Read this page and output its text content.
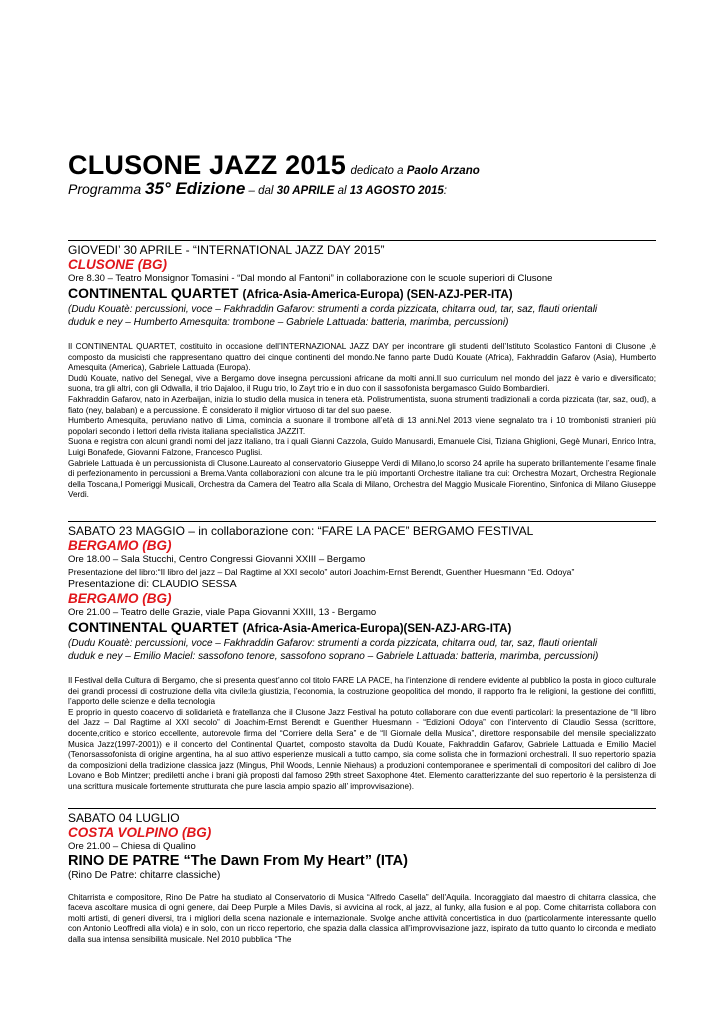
CLUSONE JAZZ 2015 dedicato a Paolo Arzano
Programma 35° Edizione – dal 30 APRILE al 13 AGOSTO 2015:
GIOVEDI’ 30 APRILE - “INTERNATIONAL JAZZ DAY 2015”
CLUSONE (BG)
Ore 8.30 – Teatro Monsignor Tomasini - “Dal mondo al Fantoni” in collaborazione con le scuole superiori di Clusone
CONTINENTAL QUARTET (Africa-Asia-America-Europa) (SEN-AZJ-PER-ITA)
(Dudu Kouatè: percussioni, voce – Fakhraddin Gafarov: strumenti a corda pizzicata, chitarra oud, tar, saz, flauti orientali
duduk e ney – Humberto Amesquita: trombone – Gabriele Lattuada: batteria, marimba, percussioni)

Il CONTINENTAL QUARTET, costituito in occasione dell’INTERNAZIONAL JAZZ DAY per incontrare gli studenti dell’Istituto Scolastico Fantoni di Clusone ,è composto da musicisti che rappresentano quattro dei cinque continenti del mondo.Ne fanno parte Dudù Kouate (Africa), Fakhraddin Gafarov (Asia), Humberto Amesquita (America), Gabriele Lattuada (Europa).

Dudù Kouate, nativo del Senegal, vive a Bergamo dove insegna percussioni africane da molti anni.Il suo curriculum nel mondo del jazz è vario e diversificato; suona, tra gli altri, con gli Odwalla, il trio Dajaloo, il Rugu trio, lo Zayt trio e in duo con il sassofonista bergamasco Guido Bombardieri.

Fakhraddin Gafarov, nato in Azerbaijan, inizia lo studio della musica in tenera età. Polistrumentista, suona strumenti tradizionali a corda pizzicata (tar, saz, oud), a fiato (ney, balaban) e a percussione. È considerato il miglior virtuoso di tar del suo paese.

Humberto Amesquita, peruviano nativo di Lima, comincia a suonare il trombone all’età di 13 anni.Nel 2013 viene segnalato tra i 10 trombonisti stranieri più popolari secondo i lettori della rivista italiana specialistica JAZZIT.

Suona e registra con alcuni grandi nomi del jazz italiano, tra i quali Gianni Cazzola, Guido Manusardi, Emanuele Cisi, Tiziana Ghiglioni, Gegè Munari, Enrico Intra, Luigi Bonafede, Giovanni Falzone, Francesco Puglisi.

Gabriele Lattuada è un percussionista di Clusone.Laureato al conservatorio Giuseppe Verdi di Milano,lo scorso 24 aprile ha superato brillantemente l’esame finale di perfezionamento in percussioni a Brema.Vanta collaborazioni con alcune tra le più importanti Orchestre italiane tra cui: Orchestra Mozart, Orchestra Regionale della Toscana,I Pomeriggi Musicali, Orchestra da Camera del Teatro alla Scala di Milano, Orchestra del Maggio Musicale Fiorentino, Sinfonica di Milano Giuseppe Verdi.

SABATO 23 MAGGIO – in collaborazione con: “FARE LA PACE” BERGAMO FESTIVAL
BERGAMO (BG)
Ore 18.00 – Sala Stucchi, Centro Congressi Giovanni XXIII – Bergamo
Presentazione del libro:“Il libro del jazz – Dal Ragtime al XXI secolo” autori Joachim-Ernst Berendt, Guenther Huesmann “Ed. Odoya”
Presentazione di: CLAUDIO SESSA
BERGAMO (BG)
Ore 21.00 – Teatro delle Grazie, viale Papa Giovanni XXIII, 13 - Bergamo
CONTINENTAL QUARTET (Africa-Asia-America-Europa)(SEN-AZJ-ARG-ITA)
(Dudu Kouatè: percussioni, voce – Fakhraddin Gafarov: strumenti a corda pizzicata, chitarra oud, tar, saz, flauti orientali
duduk e ney – Emilio Maciel: sassofono tenore, sassofono soprano – Gabriele Lattuada: batteria, marimba, percussioni)

Il Festival della Cultura di Bergamo, che si presenta quest’anno col titolo FARE LA PACE, ha l’intenzione di rendere evidente al pubblico la posta in gioco culturale dei grandi processi di costruzione della vita civile:la giustizia, l’economia, la costruzione geopolitica del mondo, il rapporto fra le religioni, la gestione dei conflitti, l’apporto delle scienze e della tecnologia

E proprio in questo coacervo di solidarietà e fratellanza che il Clusone Jazz Festival ha potuto collaborare con due eventi particolari: la presentazione de “Il libro del Jazz – Dal Ragtime al XXI secolo” di Joachim-Ernst Berendt e Guenther Huesmann - “Edizioni Odoya” con l’intervento di Claudio Sessa (scrittore, docente,critico e storico eccellente, autorevole firma del “Corriere della Sera” e de “Il Giornale della Musica”, direttore responsabile del mensile specializzato Musica Jazz(1997-2001)) e il concerto del Continental Quartet, composto stavolta da Dudù Kouate, Fakhraddin Gafarov, Gabriele Lattuada e Emilio Maciel (Tenorsassofonista di origine argentina, ha al suo attivo esperienze musicali a tutto campo, sia come solista che in formazioni orchestrali. Il suo repertorio spazia da composizioni della tradizione classica jazz (Mingus, Phil Woods, Lennie Niehaus) a produzioni contemporanee e sperimentali di compositori del calibro di Joe Lovano e Bob Mintzer; prediletti anche i brani già proposti dal famoso 29th street Saxophone 4tet. Elemento caratterizzante del suo repertorio è la persistenza di una scrittura musicale fortemente strutturata che pure lascia ampio spazio all’ improvvisazione).

SABATO 04 LUGLIO
COSTA VOLPINO (BG)
Ore 21.00 – Chiesa di Qualino
RINO DE PATRE “The Dawn From My Heart” (ITA)
(Rino De Patre: chitarre classiche)

Chitarrista e compositore, Rino De Patre ha studiato al Conservatorio di Musica “Alfredo Casella” dell’Aquila. Incoraggiato dal maestro di chitarra classica, che faceva ascoltare musica di ogni genere, dai Deep Purple a Miles Davis, si avvicina al rock, al jazz, al funky, alla fusion e al pop. Come chitarrista collabora con molti artisti, di generi diversi, tra i migliori della scena nazionale e internazionale. Svolge anche attività concertistica in duo (particolarmente interessante quello con Antonio Leoffredi alla viola) e in solo, con un ricco repertorio, che spazia dalla classica all’improvvisazione jazz, ispirato da tutto quanto lo circonda e mediato dalla sua intensa sensibilità musicale. Nel 2010 pubblica “The
